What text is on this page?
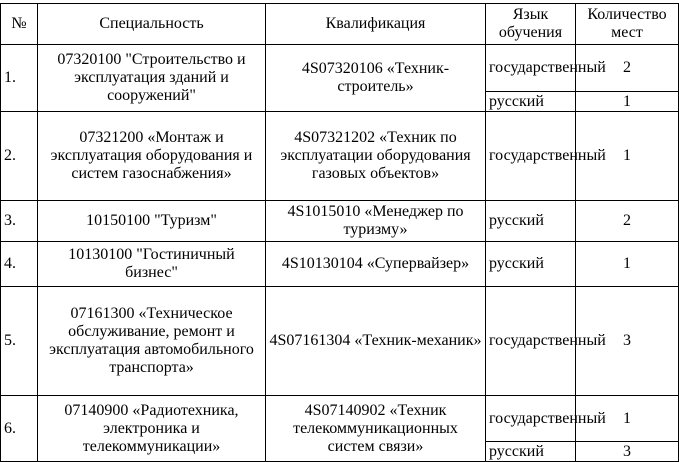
№	Специальность	Квалификация	Язык обучения	Количество мест
1.	07320100 "Строительство и эксплуатация зданий и сооружений"	4S07320106 «Техник-строитель»	государственный	2
			русский	1
2.	07321200 «Монтаж и эксплуатация оборудования и систем газоснабжения»	4S07321202 «Техник по эксплуатации оборудования газовых объектов»	государственный	1
3.	10150100 "Туризм"	4S1015010 «Менеджер по туризму»	русский	2
4.	10130100 "Гостиничный бизнес"	4S10130104 «Супервайзер»	русский	1
5.	07161300 «Техническое обслуживание, ремонт и эксплуатация автомобильного транспорта»	4S07161304 «Техник-механик»	государственный	3
6.	07140900 «Радиотехника, электроника и телекоммуникации»	4S07140902 «Техник телекоммуникационных систем связи»	государственный	1
			русский	3
